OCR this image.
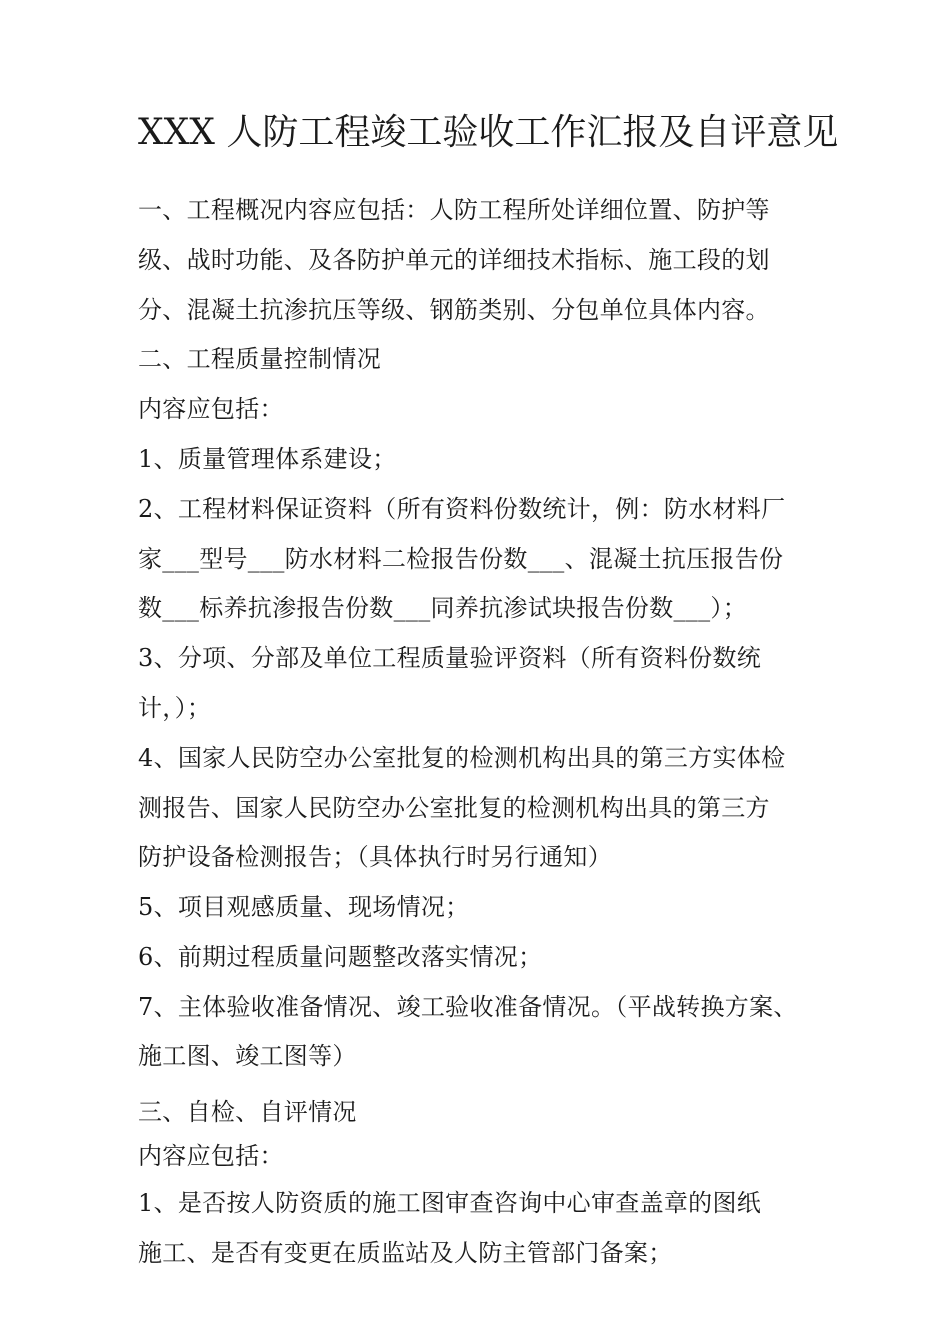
XXX 人防工程竣工验收工作汇报及自评意见
一、工程概况内容应包括：人防工程所处详细位置、防护等
级、战时功能、及各防护单元的详细技术指标、施工段的划
分、混凝土抗渗抗压等级、钢筋类别、分包单位具体内容。
二、工程质量控制情况
内容应包括：
1、质量管理体系建设；
2、工程材料保证资料（所有资料份数统计，例：防水材料厂
家___型号___防水材料二检报告份数___、混凝土抗压报告份
数___标养抗渗报告份数___同养抗渗试块报告份数___）；
3、分项、分部及单位工程质量验评资料（所有资料份数统
计，）；
4、国家人民防空办公室批复的检测机构出具的第三方实体检
测报告、国家人民防空办公室批复的检测机构出具的第三方
防护设备检测报告；（具体执行时另行通知）
5、项目观感质量、现场情况；
6、前期过程质量问题整改落实情况；
7、主体验收准备情况、竣工验收准备情况。（平战转换方案、
施工图、竣工图等）
三、自检、自评情况
内容应包括：
1、是否按人防资质的施工图审查咨询中心审查盖章的图纸
施工、是否有变更在质监站及人防主管部门备案；
